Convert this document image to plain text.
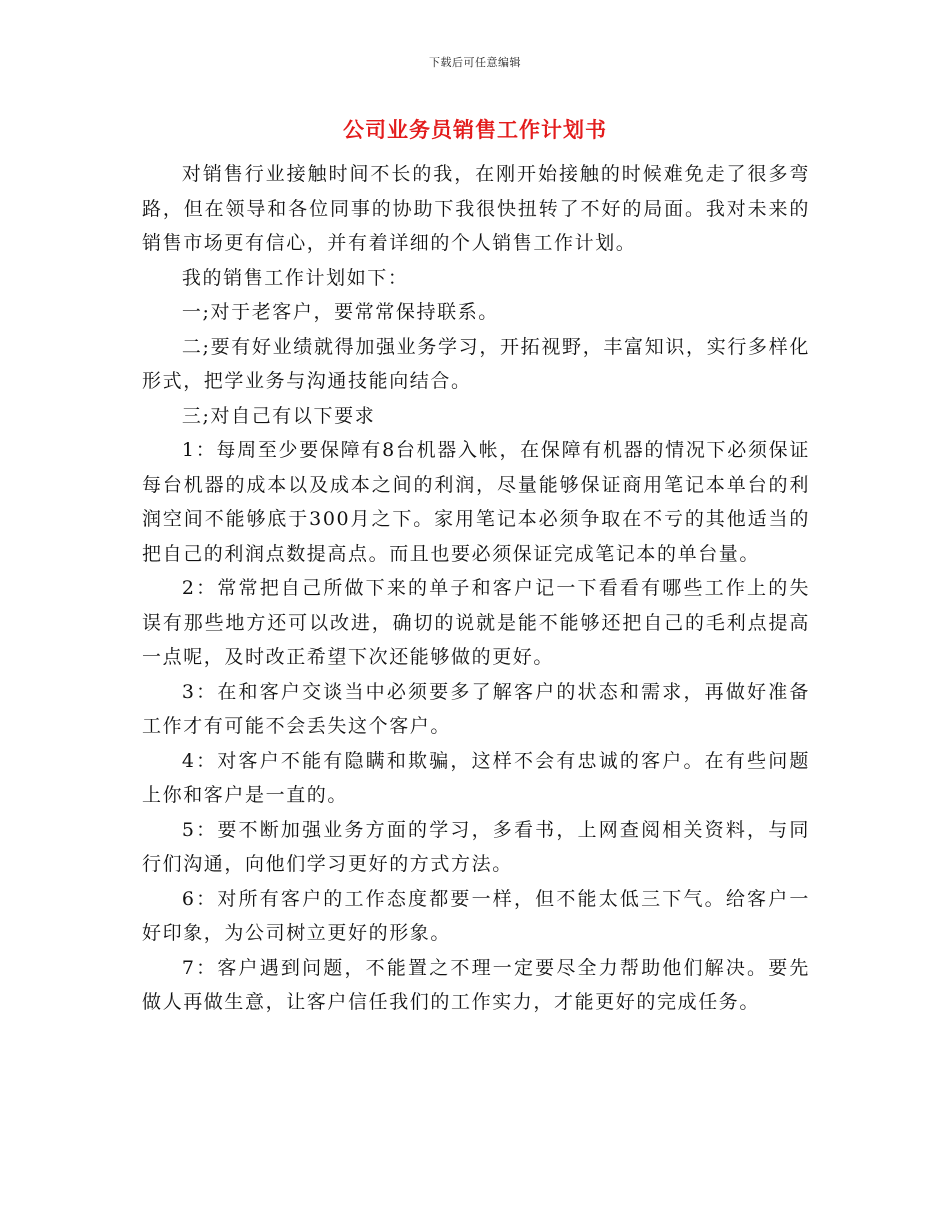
下载后可任意编辑
公司业务员销售工作计划书

对销售行业接触时间不长的我，在刚开始接触的时候难免走了很多弯路，但在领导和各位同事的协助下我很快扭转了不好的局面。我对未来的销售市场更有信心，并有着详细的个人销售工作计划。

我的销售工作计划如下：

一;对于老客户，要常常保持联系。

二;要有好业绩就得加强业务学习，开拓视野，丰富知识，实行多样化形式，把学业务与沟通技能向结合。

三;对自己有以下要求

1：每周至少要保障有8台机器入帐，在保障有机器的情况下必须保证每台机器的成本以及成本之间的利润，尽量能够保证商用笔记本单台的利润空间不能够底于300月之下。家用笔记本必须争取在不亏的其他适当的把自己的利润点数提高点。而且也要必须保证完成笔记本的单台量。

2：常常把自己所做下来的单子和客户记一下看看有哪些工作上的失误有那些地方还可以改进，确切的说就是能不能够还把自己的毛利点提高一点呢，及时改正希望下次还能够做的更好。

3：在和客户交谈当中必须要多了解客户的状态和需求，再做好准备工作才有可能不会丢失这个客户。

4：对客户不能有隐瞒和欺骗，这样不会有忠诚的客户。在有些问题上你和客户是一直的。

5：要不断加强业务方面的学习，多看书，上网查阅相关资料，与同行们沟通，向他们学习更好的方式方法。

6：对所有客户的工作态度都要一样，但不能太低三下气。给客户一好印象，为公司树立更好的形象。

7：客户遇到问题，不能置之不理一定要尽全力帮助他们解决。要先做人再做生意，让客户信任我们的工作实力，才能更好的完成任务。
